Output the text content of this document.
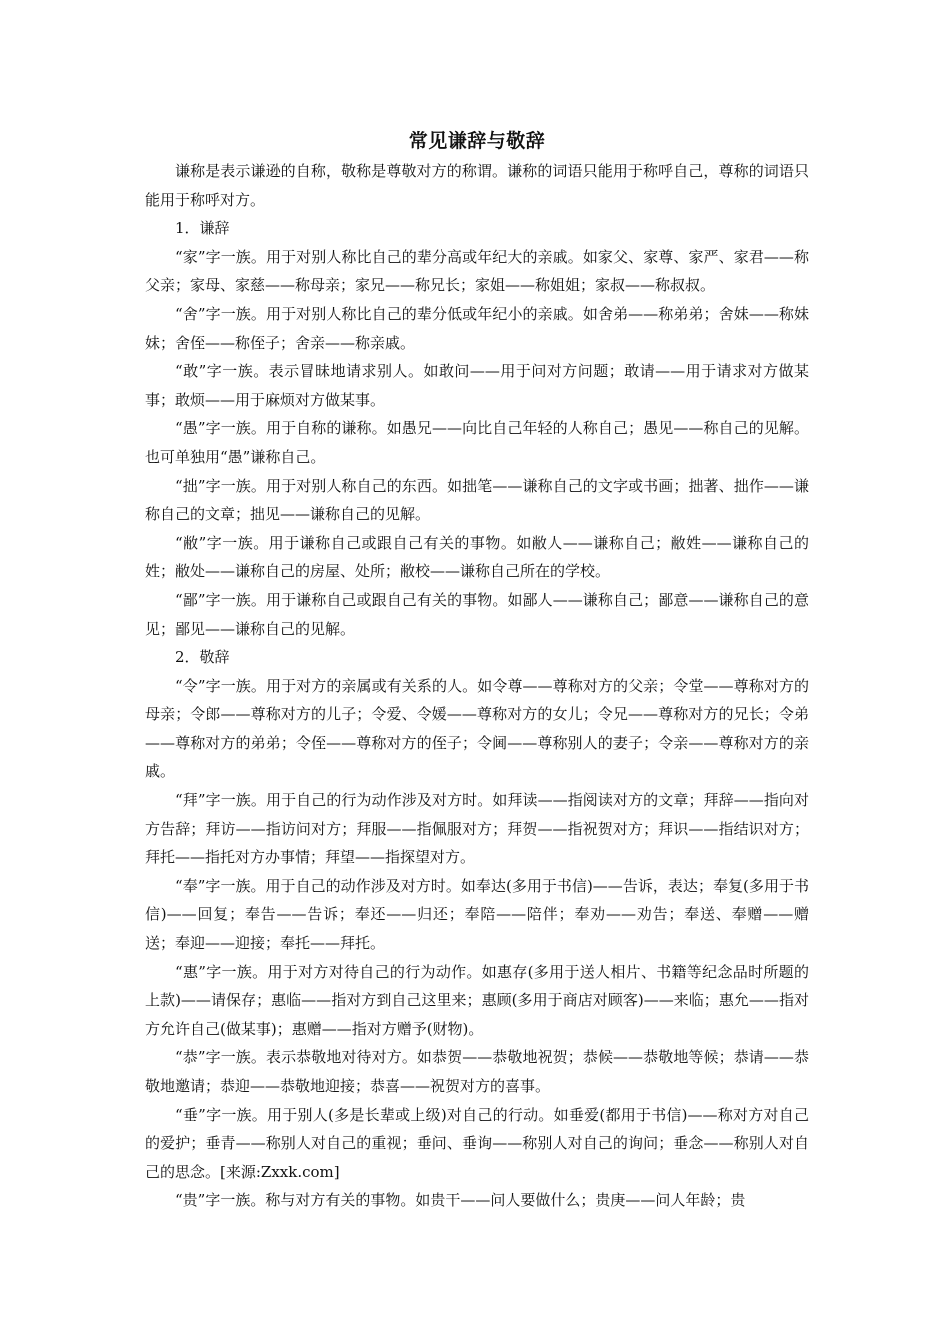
常见谦辞与敬辞

谦称是表示谦逊的自称，敬称是尊敬对方的称谓。谦称的词语只能用于称呼自己，尊称的词语只能用于称呼对方。

1．谦辞

“家”字一族。用于对别人称比自己的辈分高或年纪大的亲戚。如家父、家尊、家严、家君——称父亲；家母、家慈——称母亲；家兄——称兄长；家姐——称姐姐；家叔——称叔叔。

“舍”字一族。用于对别人称比自己的辈分低或年纪小的亲戚。如舍弟——称弟弟；舍妹——称妹妹；舍侄——称侄子；舍亲——称亲戚。

“敢”字一族。表示冒昧地请求别人。如敢问——用于问对方问题；敢请——用于请求对方做某事；敢烦——用于麻烦对方做某事。

“愚”字一族。用于自称的谦称。如愚兄——向比自己年轻的人称自己；愚见——称自己的见解。也可单独用“愚”谦称自己。

“拙”字一族。用于对别人称自己的东西。如拙笔——谦称自己的文字或书画；拙著、拙作——谦称自己的文章；拙见——谦称自己的见解。

“敝”字一族。用于谦称自己或跟自己有关的事物。如敝人——谦称自己；敝姓——谦称自己的姓；敝处——谦称自己的房屋、处所；敝校——谦称自己所在的学校。

“鄙”字一族。用于谦称自己或跟自己有关的事物。如鄙人——谦称自己；鄙意——谦称自己的意见；鄙见——谦称自己的见解。

2．敬辞

“令”字一族。用于对方的亲属或有关系的人。如令尊——尊称对方的父亲；令堂——尊称对方的母亲；令郎——尊称对方的儿子；令爱、令媛——尊称对方的女儿；令兄——尊称对方的兄长；令弟——尊称对方的弟弟；令侄——尊称对方的侄子；令阃——尊称别人的妻子；令亲——尊称对方的亲戚。

“拜”字一族。用于自己的行为动作涉及对方时。如拜读——指阅读对方的文章；拜辞——指向对方告辞；拜访——指访问对方；拜服——指佩服对方；拜贺——指祝贺对方；拜识——指结识对方；拜托——指托对方办事情；拜望——指探望对方。

“奉”字一族。用于自己的动作涉及对方时。如奉达(多用于书信)——告诉，表达；奉复(多用于书信)——回复；奉告——告诉；奉还——归还；奉陪——陪伴；奉劝——劝告；奉送、奉赠——赠送；奉迎——迎接；奉托——拜托。

“惠”字一族。用于对方对待自己的行为动作。如惠存(多用于送人相片、书籍等纪念品时所题的上款)——请保存；惠临——指对方到自己这里来；惠顾(多用于商店对顾客)——来临；惠允——指对方允许自己(做某事)；惠赠——指对方赠予(财物)。

“恭”字一族。表示恭敬地对待对方。如恭贺——恭敬地祝贺；恭候——恭敬地等候；恭请——恭敬地邀请；恭迎——恭敬地迎接；恭喜——祝贺对方的喜事。

“垂”字一族。用于别人(多是长辈或上级)对自己的行动。如垂爱(都用于书信)——称对方对自己的爱护；垂青——称别人对自己的重视；垂问、垂询——称别人对自己的询问；垂念——称别人对自己的思念。[来源:Zxxk.com]

“贵”字一族。称与对方有关的事物。如贵干——问人要做什么；贵庚——问人年龄；贵
